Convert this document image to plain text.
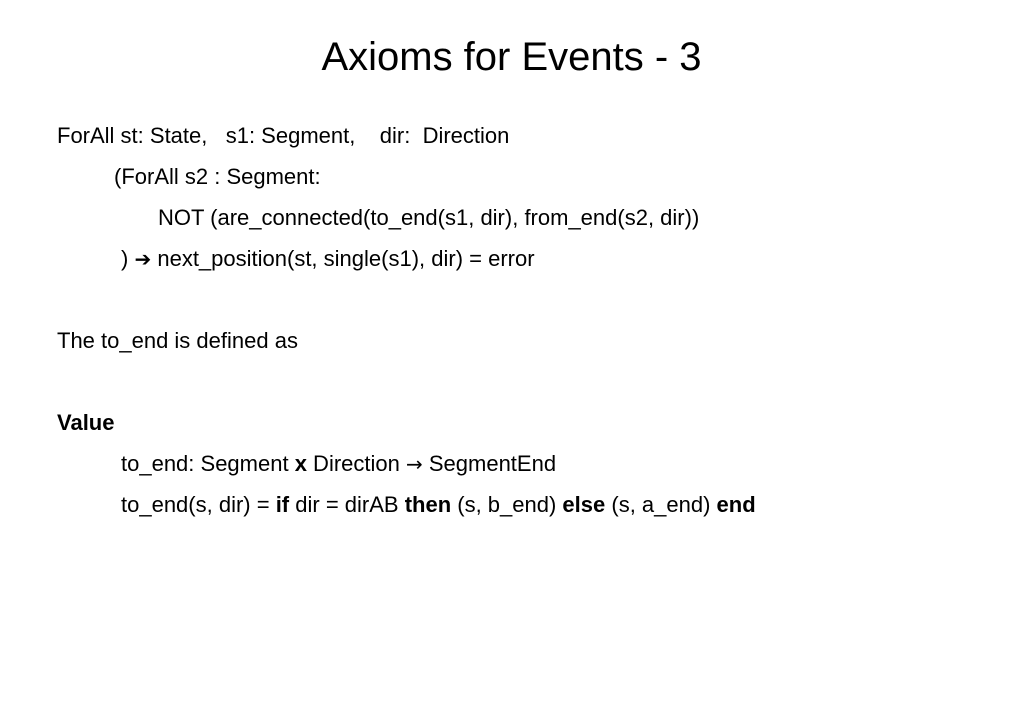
Axioms for Events - 3
ForAll st: State,   s1: Segment,    dir:  Direction
(ForAll s2 : Segment:
NOT (are_connected(to_end(s1, dir), from_end(s2, dir))
) ➔ next_position(st, single(s1), dir) = error
The to_end is defined as
Value
to_end: Segment x Direction → SegmentEnd
to_end(s, dir) = if dir = dirAB then (s, b_end) else (s, a_end) end
